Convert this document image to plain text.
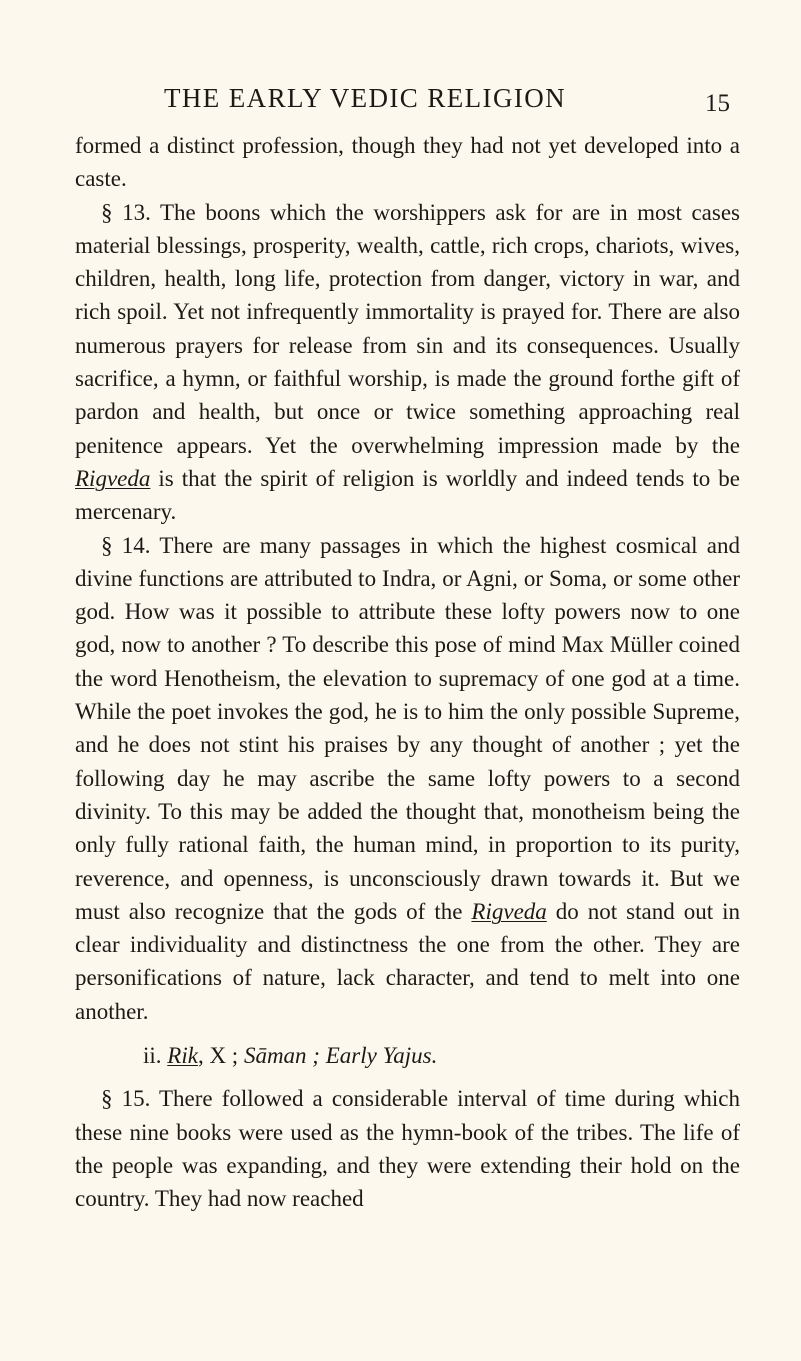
THE EARLY VEDIC RELIGION	15

formed a distinct profession, though they had not yet developed into a caste.

§ 13. The boons which the worshippers ask for are in most cases material blessings, prosperity, wealth, cattle, rich crops, chariots, wives, children, health, long life, protection from danger, victory in war, and rich spoil. Yet not infrequently immortality is prayed for. There are also numerous prayers for release from sin and its consequences. Usually sacrifice, a hymn, or faithful worship, is made the ground forthe gift of pardon and health, but once or twice something approaching real penitence appears. Yet the overwhelming impression made by the Rigveda is that the spirit of religion is worldly and indeed tends to be mercenary.

§ 14. There are many passages in which the highest cosmical and divine functions are attributed to Indra, or Agni, or Soma, or some other god. How was it possible to attribute these lofty powers now to one god, now to another ? To describe this pose of mind Max Müller coined the word Henotheism, the elevation to supremacy of one god at a time. While the poet invokes the god, he is to him the only possible Supreme, and he does not stint his praises by any thought of another ; yet the following day he may ascribe the same lofty powers to a second divinity. To this may be added the thought that, monotheism being the only fully rational faith, the human mind, in proportion to its purity, reverence, and openness, is unconsciously drawn towards it. But we must also recognize that the gods of the Rigveda do not stand out in clear individuality and distinctness the one from the other. They are personifications of nature, lack character, and tend to melt into one another.

ii. Rik, X ; Sāman ; Early Yajus.

§ 15. There followed a considerable interval of time during which these nine books were used as the hymn-book of the tribes. The life of the people was expanding, and they were extending their hold on the country. They had now reached
